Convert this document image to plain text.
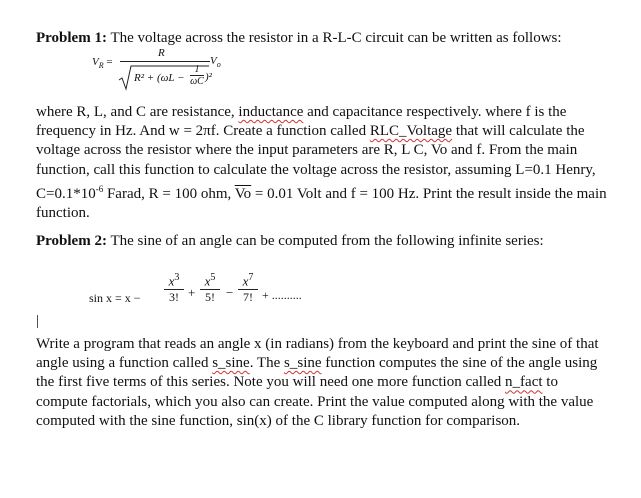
Problem 1: The voltage across the resistor in a R-L-C circuit can be written as follows:
$V_R$ =
R
$V_o$
R² + (ωL −
1
ωC )²
where R, L, and C are resistance, inductance and capacitance respectively. where f is the frequency in Hz. And w = 2πf. Create a function called RLC_Voltage that will calculate the voltage across the resistor where the input parameters are R, L C, Vo and f. From the main function, call this function to calculate the voltage across the resistor, assuming L=0.1 Henry, $C=0.1*10^{-6}$ Farad, R = 100 ohm, $\overline{Vo} = 0.01$ Volt and f = 100 Hz. Print the result inside the main function.
Problem 2: The sine of an angle can be computed from the following infinite series:
sin x = x −
$x^3$
3! +
$x^5$
5! −
$x^7$
7! + ..........
|
Write a program that reads an angle x (in radians) from the keyboard and print the sine of that angle using a function called s_sine. The s_sine function computes the sine of the angle using the first five terms of this series. Note you will need one more function called n_fact to compute factorials, which you also can create. Print the value computed along with the value computed with the sine function, sin(x) of the C library function for comparison.
